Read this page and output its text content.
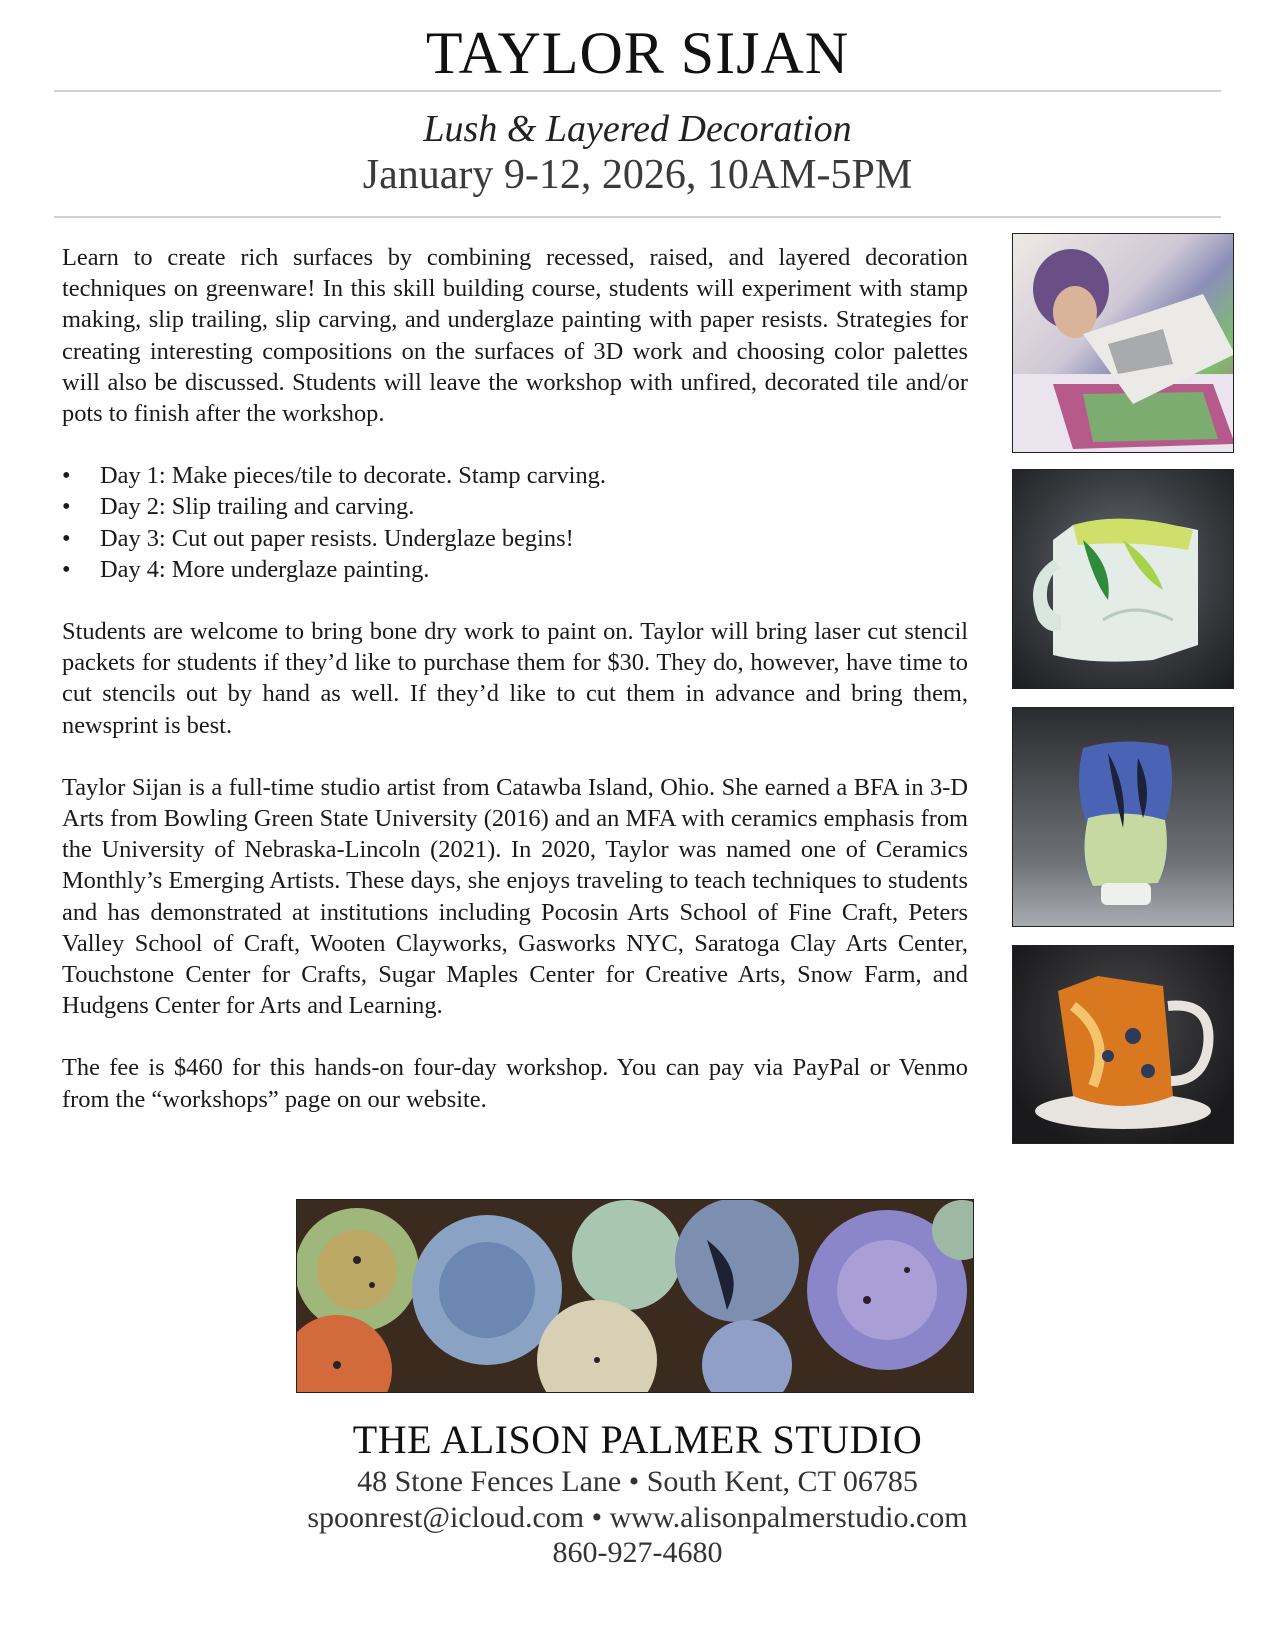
TAYLOR SIJAN
Lush & Layered Decoration
January 9-12, 2026, 10AM-5PM

Learn to create rich surfaces by combining recessed, raised, and layered decoration techniques on greenware! In this skill building course, students will experiment with stamp making, slip trailing, slip carving, and underglaze painting with paper resists. Strategies for creating interesting compositions on the surfaces of 3D work and choosing color palettes will also be discussed. Students will leave the workshop with unfired, decorated tile and/or pots to finish after the workshop.

•	Day 1: Make pieces/tile to decorate. Stamp carving.
•	Day 2: Slip trailing and carving.
•	Day 3: Cut out paper resists. Underglaze begins!
•	Day 4: More underglaze painting.

Students are welcome to bring bone dry work to paint on. Taylor will bring laser cut stencil packets for students if they’d like to purchase them for $30. They do, however, have time to cut stencils out by hand as well. If they’d like to cut them in advance and bring them, newsprint is best.

Taylor Sijan is a full-time studio artist from Catawba Island, Ohio. She earned a BFA in 3-D Arts from Bowling Green State University (2016) and an MFA with ceramics emphasis from the University of Nebraska-Lincoln (2021). In 2020, Taylor was named one of Ceramics Monthly’s Emerging Artists. These days, she enjoys traveling to teach techniques to students and has demonstrated at institutions including Pocosin Arts School of Fine Craft, Peters Valley School of Craft, Wooten Clayworks, Gasworks NYC, Saratoga Clay Arts Center, Touchstone Center for Crafts, Sugar Maples Center for Creative Arts, Snow Farm, and Hudgens Center for Arts and Learning.

The fee is $460 for this hands-on four-day workshop. You can pay via PayPal or Venmo from the “workshops” page on our website.

THE ALISON PALMER STUDIO
48 Stone Fences Lane • South Kent, CT 06785
spoonrest@icloud.com • www.alisonpalmerstudio.com
860-927-4680
